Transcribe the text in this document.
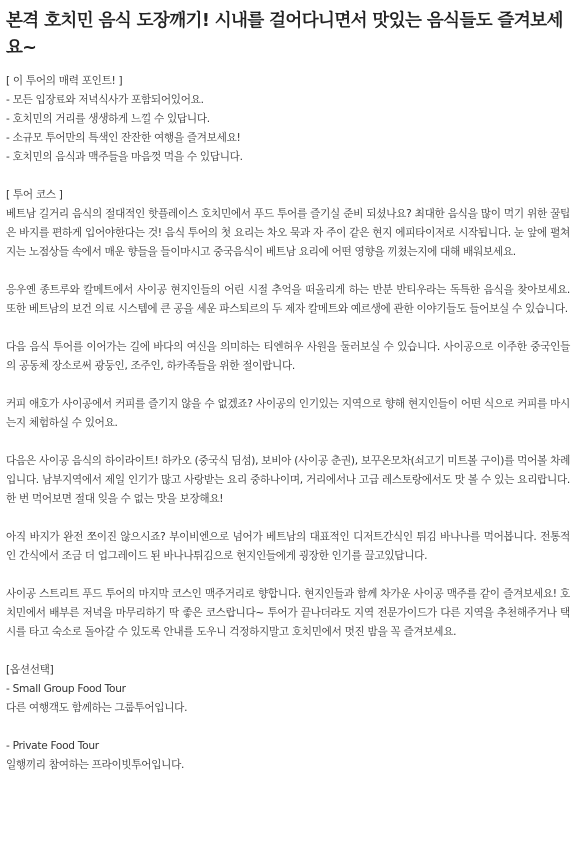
본격 호치민 음식 도장깨기! 시내를 걸어다니면서 맛있는 음식들도 즐겨보세요~
[ 이 투어의 매력 포인트! ]
- 모든 입장료와 저녁식사가 포함되어있어요.
- 호치민의 거리를 생생하게 느낄 수 있답니다.
- 소규모 투어만의 특색인 잔잔한 여행을 즐겨보세요!
- 호치민의 음식과 맥주들을 마음껏 먹을 수 있답니다.
[ 투어 코스 ]

베트남 길거리 음식의 절대적인 핫플레이스 호치민에서 푸드 투어를 즐기실 준비 되셨나요? 최대한 음식을 많이 먹기 위한 꿀팁은 바지를 편하게 입어야한다는 것! 음식 투어의 첫 요리는 차오 묵과 자 주이 같은 현지 에피타이저로 시작됩니다. 눈 앞에 펼쳐지는 노점상들 속에서 매운 향들을 들이마시고 중국음식이 베트남 요리에 어떤 영향을 끼쳤는지에 대해 배워보세요.

응우옌 종트루와 칼메트에서 사이공 현지인들의 어린 시절 추억을 떠올리게 하는 반분 반티우라는 독특한 음식을 찾아보세요. 또한 베트남의 보건 의료 시스템에 큰 공을 세운 파스퇴르의 두 제자 칼메트와 예르생에 관한 이야기들도 들어보실 수 있습니다.

다음 음식 투어를 이어가는 길에 바다의 여신을 의미하는 티엔허우 사원을 둘러보실 수 있습니다. 사이공으로 이주한 중국인들의 공동체 장소로써 광둥인, 조주인, 하카족들을 위한 절이랍니다.

커피 애호가 사이공에서 커피를 즐기지 않을 수 없겠죠? 사이공의 인기있는 지역으로 향해 현지인들이 어떤 식으로 커피를 마시는지 체험하실 수 있어요.

다음은 사이공 음식의 하이라이트! 하카오 (중국식 딤섬), 보비아 (사이공 춘권), 보꾸온모차(쇠고기 미트볼 구이)를 먹어볼 차례입니다. 남부지역에서 제일 인기가 많고 사랑받는 요리 중하나이며, 거리에서나 고급 레스토랑에서도 맛 볼 수 있는 요리랍니다. 한 번 먹어보면 절대 잊을 수 없는 맛을 보장해요!

아직 바지가 완전 쪼이진 않으시죠? 부이비엔으로 넘어가 베트남의 대표적인 디저트간식인 튀김 바나나를 먹어봅니다. 전통적인 간식에서 조금 더 업그레이드 된 바나나튀김으로 현지인들에게 굉장한 인기를 끌고있답니다.

사이공 스트리트 푸드 투어의 마지막 코스인 맥주거리로 향합니다. 현지인들과 함께 차가운 사이공 맥주를 같이 즐겨보세요! 호치민에서 배부른 저녁을 마무리하기 딱 좋은 코스랍니다~ 투어가 끝나더라도 지역 전문가이드가 다른 지역을 추천해주거나 택시를 타고 숙소로 돌아갈 수 있도록 안내를 도우니 걱정하지말고 호치민에서 멋진 밤을 꼭 즐겨보세요.

[옵션선택]
- Small Group Food Tour
다른 여행객도 함께하는 그룹투어입니다.
- Private Food Tour
일행끼리 참여하는 프라이빗투어입니다.
